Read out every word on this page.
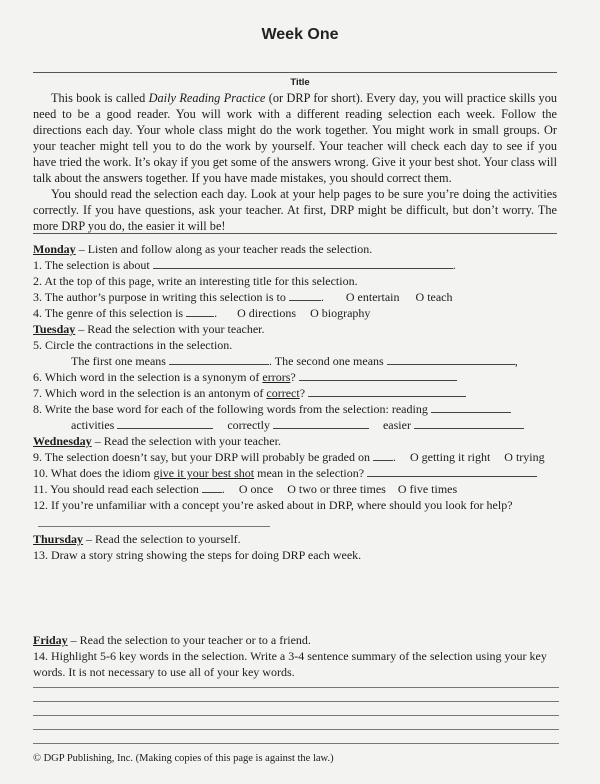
Week One
Title

This book is called Daily Reading Practice (or DRP for short). Every day, you will practice skills you need to be a good reader. You will work with a different reading selection each week. Follow the directions each day. Your whole class might do the work together. You might work in small groups. Or your teacher might tell you to do the work by yourself. Your teacher will check each day to see if you have tried the work. It’s okay if you get some of the answers wrong. Give it your best shot. Your class will talk about the answers together. If you have made mistakes, you should correct them.

You should read the selection each day. Look at your help pages to be sure you’re doing the activities correctly. If you have questions, ask your teacher. At first, DRP might be difficult, but don’t worry. The more DRP you do, the easier it will be!

Monday – Listen and follow along as your teacher reads the selection.
1. The selection is about	.
2. At the top of this page, write an interesting title for this selection.
3. The author’s purpose in writing this selection is to	. O entertain O teach
4. The genre of this selection is	. O directions O biography
Tuesday – Read the selection with your teacher.
5. Circle the contractions in the selection.
The first one means	. The second one means	,
6. Which word in the selection is a synonym of errors?
7. Which word in the selection is an antonym of correct?
8. Write the base word for each of the following words from the selection: reading
activities	correctly	easier
Wednesday – Read the selection with your teacher.
9. The selection doesn’t say, but your DRP will probably be graded on . O getting it right O trying
10. What does the idiom give it your best shot mean in the selection?
11. You should read each selection . O once O two or three times O five times
12. If you’re unfamiliar with a concept you’re asked about in DRP, where should you look for help?
Thursday – Read the selection to yourself.
13. Draw a story string showing the steps for doing DRP each week.
Friday – Read the selection to your teacher or to a friend.
14. Highlight 5-6 key words in the selection. Write a 3-4 sentence summary of the selection using your key
words. It is not necessary to use all of your key words.
© DGP Publishing, Inc. (Making copies of this page is against the law.)
